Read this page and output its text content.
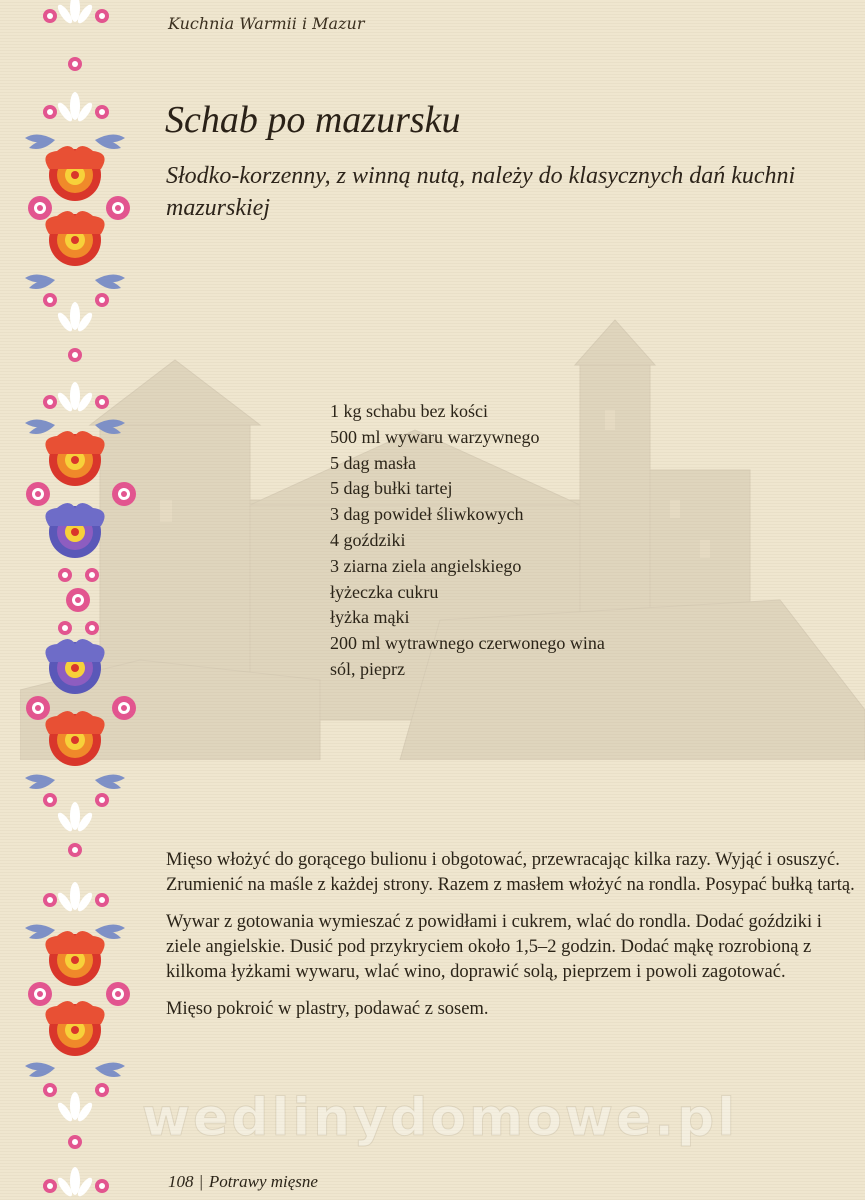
Kuchnia Warmii i Mazur
Schab po mazursku
Słodko-korzenny, z winną nutą, należy do klasycznych dań kuchni mazurskiej
1 kg schabu bez kości
500 ml wywaru warzywnego
5 dag masła
5 dag bułki tartej
3 dag powideł śliwkowych
4 goździki
3 ziarna ziela angielskiego
łyżeczka cukru
łyżka mąki
200 ml wytrawnego czerwonego wina
sól, pieprz

Mięso włożyć do gorącego bulionu i obgotować, przewracając kilka razy. Wyjąć i osuszyć. Zrumienić na maśle z każdej strony. Razem z masłem włożyć na rondla. Posypać bułką tartą.

Wywar z gotowania wymieszać z powidłami i cukrem, wlać do rondla. Dodać goździki i ziele angielskie. Dusić pod przykryciem około 1,5–2 godzin. Dodać mąkę rozrobioną z kilkoma łyżkami wywaru, wlać wino, doprawić solą, pieprzem i powoli zagotować.

Mięso pokroić w plastry, podawać z sosem.

wedlinydomowe.pl
108 | Potrawy mięsne
